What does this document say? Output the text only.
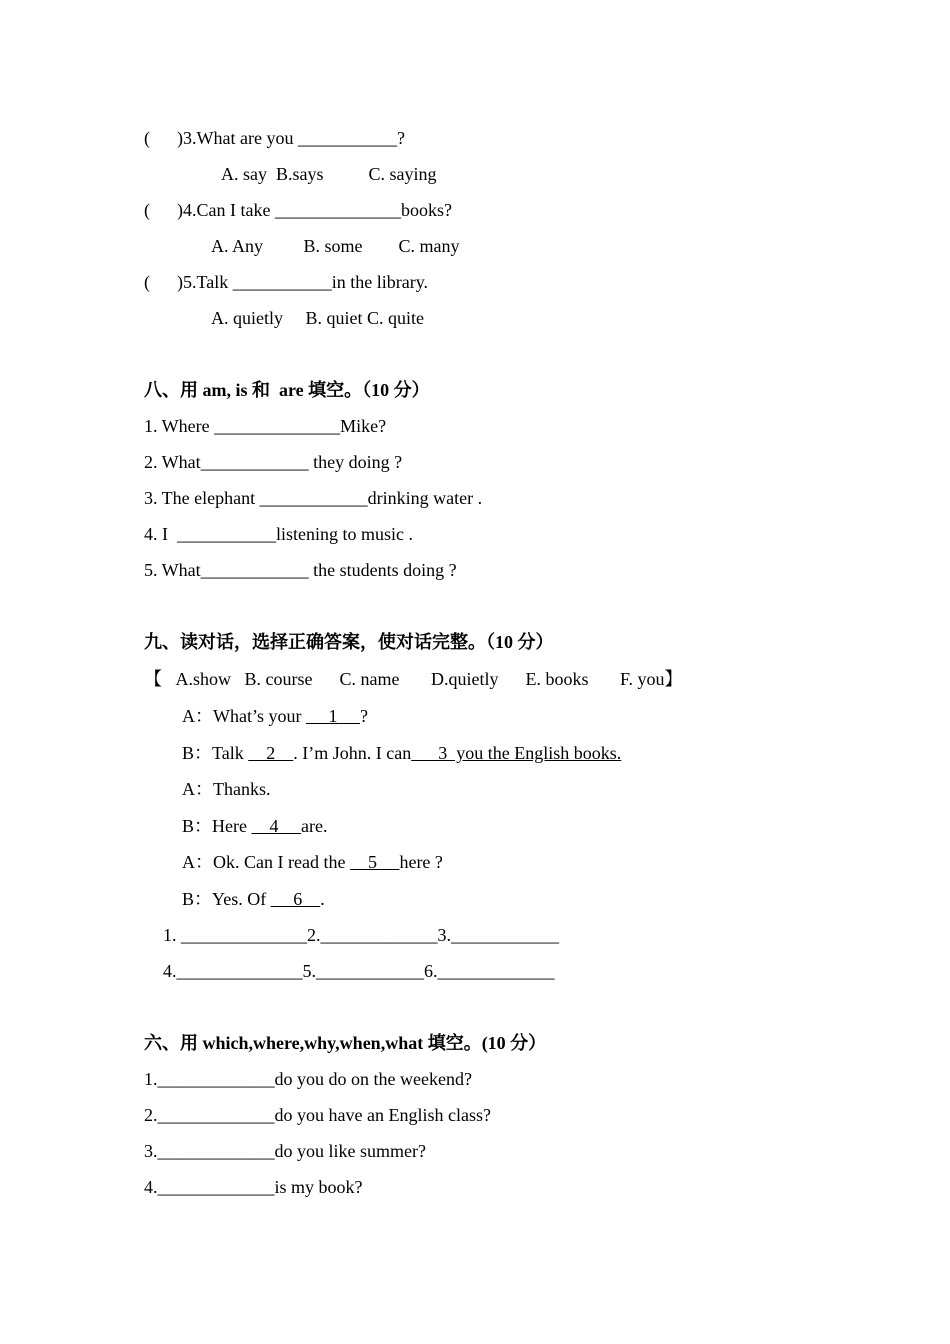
(      )3.What are you ___________?
A. say  B.says          C. saying
(      )4.Can I take ______________books?
A. Any         B. some        C. many
(      )5.Talk ___________in the library.
A. quietly     B. quiet C. quite
八、用 am, is 和  are 填空。（10 分）
1. Where ______________Mike?
2. What____________ they doing ?
3. The elephant ____________drinking water .
4. I  ___________listening to music .
5. What____________ the students doing ?
九、读对话，选择正确答案，使对话完整。（10 分）
【   A.show   B. course      C. name       D.quietly      E. books       F. you】
A：What’s your      1     ?
B：Talk     2    . I’m John. I can      3  you the English books.
A：Thanks.
B：Here     4     are.
A：Ok. Can I read the     5     here ?
B：Yes. Of      6    .
1. ______________2._____________3.____________
4.______________5.____________6._____________
六、用 which,where,why,when,what 填空。(10 分）
1._____________do you do on the weekend?
2._____________do you have an English class?
3._____________do you like summer?
4._____________is my book?
